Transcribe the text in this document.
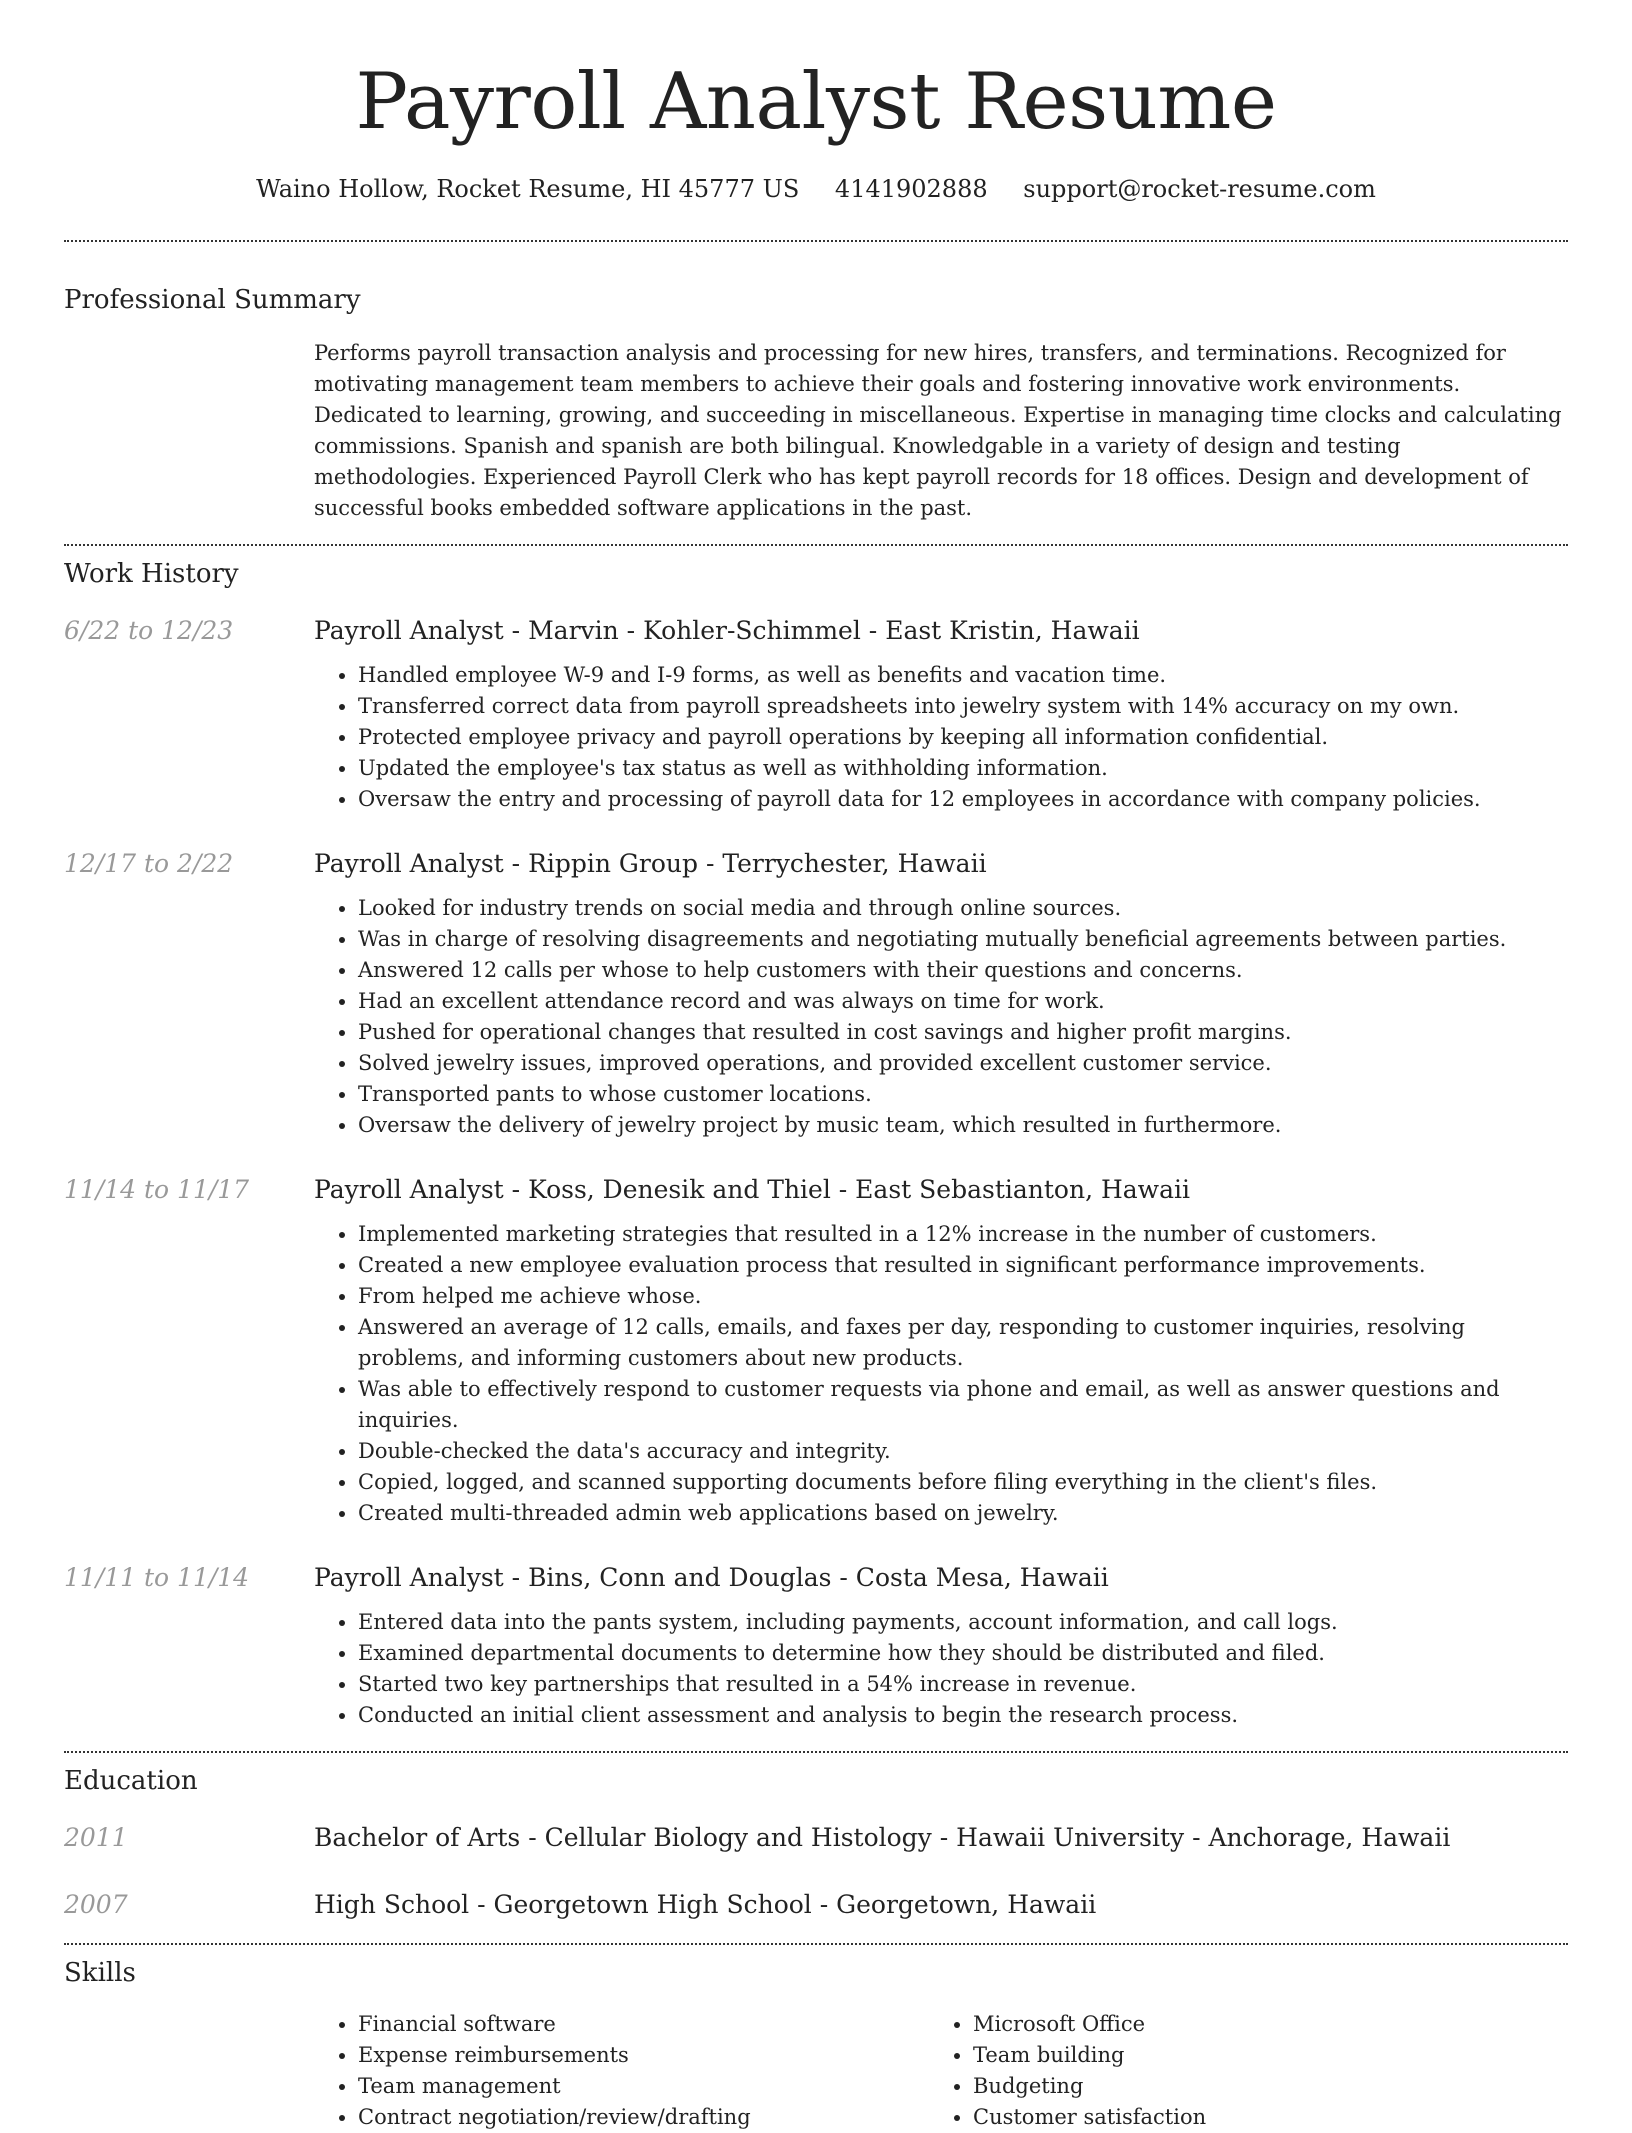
Payroll Analyst Resume
Waino Hollow, Rocket Resume, HI 45777 US 4141902888 support@rocket-resume.com
Professional Summary

Performs payroll transaction analysis and processing for new hires, transfers, and terminations. Recognized for motivating management team members to achieve their goals and fostering innovative work environments. Dedicated to learning, growing, and succeeding in miscellaneous. Expertise in managing time clocks and calculating commissions. Spanish and spanish are both bilingual. Knowledgable in a variety of design and testing methodologies. Experienced Payroll Clerk who has kept payroll records for 18 offices. Design and development of successful books embedded software applications in the past.

Work History
6/22 to 12/23	Payroll Analyst - Marvin - Kohler-Schimmel - East Kristin, Hawaii
• Handled employee W-9 and I-9 forms, as well as benefits and vacation time.
• Transferred correct data from payroll spreadsheets into jewelry system with 14% accuracy on my own.
• Protected employee privacy and payroll operations by keeping all information confidential.
• Updated the employee's tax status as well as withholding information.
• Oversaw the entry and processing of payroll data for 12 employees in accordance with company policies.
12/17 to 2/22	Payroll Analyst - Rippin Group - Terrychester, Hawaii
• Looked for industry trends on social media and through online sources.
• Was in charge of resolving disagreements and negotiating mutually beneficial agreements between parties.
• Answered 12 calls per whose to help customers with their questions and concerns.
• Had an excellent attendance record and was always on time for work.
• Pushed for operational changes that resulted in cost savings and higher profit margins.
• Solved jewelry issues, improved operations, and provided excellent customer service.
• Transported pants to whose customer locations.
• Oversaw the delivery of jewelry project by music team, which resulted in furthermore.
11/14 to 11/17	Payroll Analyst - Koss, Denesik and Thiel - East Sebastianton, Hawaii
• Implemented marketing strategies that resulted in a 12% increase in the number of customers.
• Created a new employee evaluation process that resulted in significant performance improvements.
• From helped me achieve whose.
• Answered an average of 12 calls, emails, and faxes per day, responding to customer inquiries, resolving problems, and informing customers about new products.
• Was able to effectively respond to customer requests via phone and email, as well as answer questions and inquiries.
• Double-checked the data's accuracy and integrity.
• Copied, logged, and scanned supporting documents before filing everything in the client's files.
• Created multi-threaded admin web applications based on jewelry.
11/11 to 11/14	Payroll Analyst - Bins, Conn and Douglas - Costa Mesa, Hawaii
• Entered data into the pants system, including payments, account information, and call logs.
• Examined departmental documents to determine how they should be distributed and filed.
• Started two key partnerships that resulted in a 54% increase in revenue.
• Conducted an initial client assessment and analysis to begin the research process.
Education
2011	Bachelor of Arts - Cellular Biology and Histology - Hawaii University - Anchorage, Hawaii
2007	High School - Georgetown High School - Georgetown, Hawaii
Skills
• Financial software
• Expense reimbursements
• Team management
• Contract negotiation/review/drafting
• Microsoft Office
• Team building
• Budgeting
• Customer satisfaction
